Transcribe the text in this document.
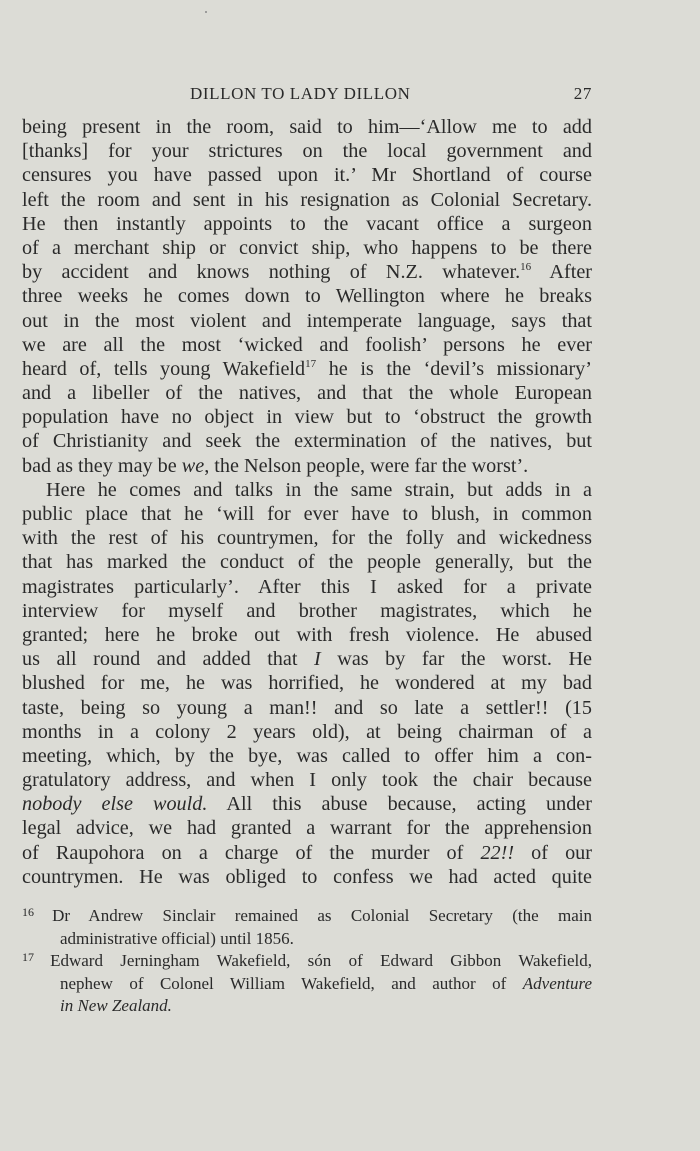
DILLON TO LADY DILLON	27
being present in the room, said to him—‘Allow me to add
[thanks] for your strictures on the local government and
censures you have passed upon it.’ Mr Shortland of course
left the room and sent in his resignation as Colonial Secretary.
He then instantly appoints to the vacant office a surgeon
of a merchant ship or convict ship, who happens to be there
by accident and knows nothing of N.Z. whatever.$^{16}$ After
three weeks he comes down to Wellington where he breaks
out in the most violent and intemperate language, says that
we are all the most ‘wicked and foolish’ persons he ever
heard of, tells young Wakefield$^{17}$ he is the ‘devil’s missionary’
and a libeller of the natives, and that the whole European
population have no object in view but to ‘obstruct the growth
of Christianity and seek the extermination of the natives, but
bad as they may be we, the Nelson people, were far the worst’.
Here he comes and talks in the same strain, but adds in a
public place that he ‘will for ever have to blush, in common
with the rest of his countrymen, for the folly and wickedness
that has marked the conduct of the people generally, but the
magistrates particularly’. After this I asked for a private
interview for myself and brother magistrates, which he
granted; here he broke out with fresh violence. He abused
us all round and added that I was by far the worst. He
blushed for me, he was horrified, he wondered at my bad
taste, being so young a man!! and so late a settler!! (15
months in a colony 2 years old), at being chairman of a
meeting, which, by the bye, was called to offer him a con-
gratulatory address, and when I only took the chair because
nobody else would. All this abuse because, acting under
legal advice, we had granted a warrant for the apprehension
of Raupohora on a charge of the murder of 22!! of our
countrymen. He was obliged to confess we had acted quite
$^{16}$ Dr Andrew Sinclair remained as Colonial Secretary (the main
administrative official) until 1856.
$^{17}$ Edward Jerningham Wakefield, són of Edward Gibbon Wakefield,
nephew of Colonel William Wakefield, and author of Adventure
in New Zealand.
